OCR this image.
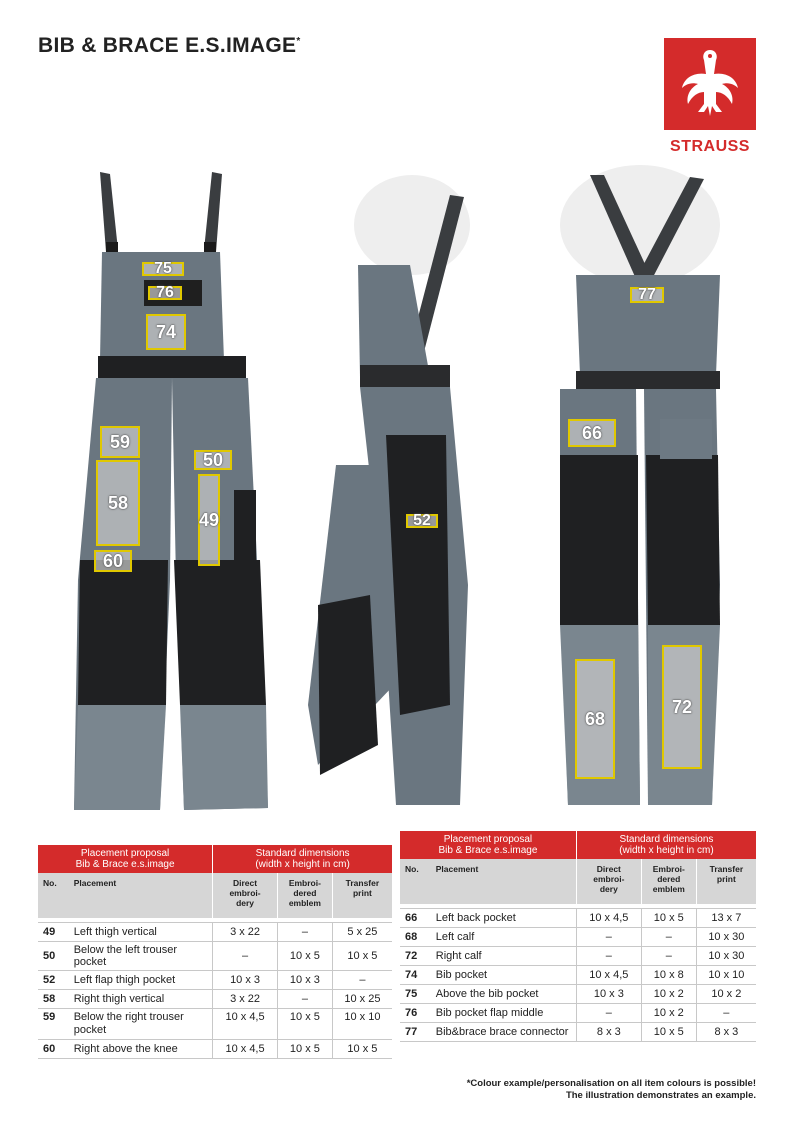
BIB & BRACE E.S.IMAGE*
STRAUSS
75
76
74
59
50
58
49
60
52
77
66
68
72
Placement proposal
Bib & Brace e.s.image		Standard dimensions
(width x height in cm)		
No.	Placement	Direct embroi-
dery	Embroi-
dered
emblem	Transfer print

49	Left thigh vertical	3 x 22	–	5 x 25
50	Below the left trouser pocket	–	10 x 5	10 x 5
52	Left flap thigh pocket	10 x 3	10 x 3	–
58	Right thigh vertical	3 x 22	–	10 x 25
59	Below the right trouser
pocket	10 x 4,5	10 x 5	10 x 10
60	Right above the knee	10 x 4,5	10 x 5	10 x 5
Placement proposal
Bib & Brace e.s.image		Standard dimensions
(width x height in cm)		
No.	Placement	Direct embroi-
dery	Embroi-
dered
emblem	Transfer print

66	Left back pocket	10 x 4,5	10 x 5	13 x 7
68	Left calf	–	–	10 x 30
72	Right calf	–	–	10 x 30
74	Bib pocket	10 x 4,5	10 x 8	10 x 10
75	Above the bib pocket	10 x 3	10 x 2	10 x 2
76	Bib pocket flap middle	–	10 x 2	–
77	Bib&brace brace connector	8 x 3	10 x 5	8 x 3
*Colour example/personalisation on all item colours is possible!
The illustration demonstrates an example.
